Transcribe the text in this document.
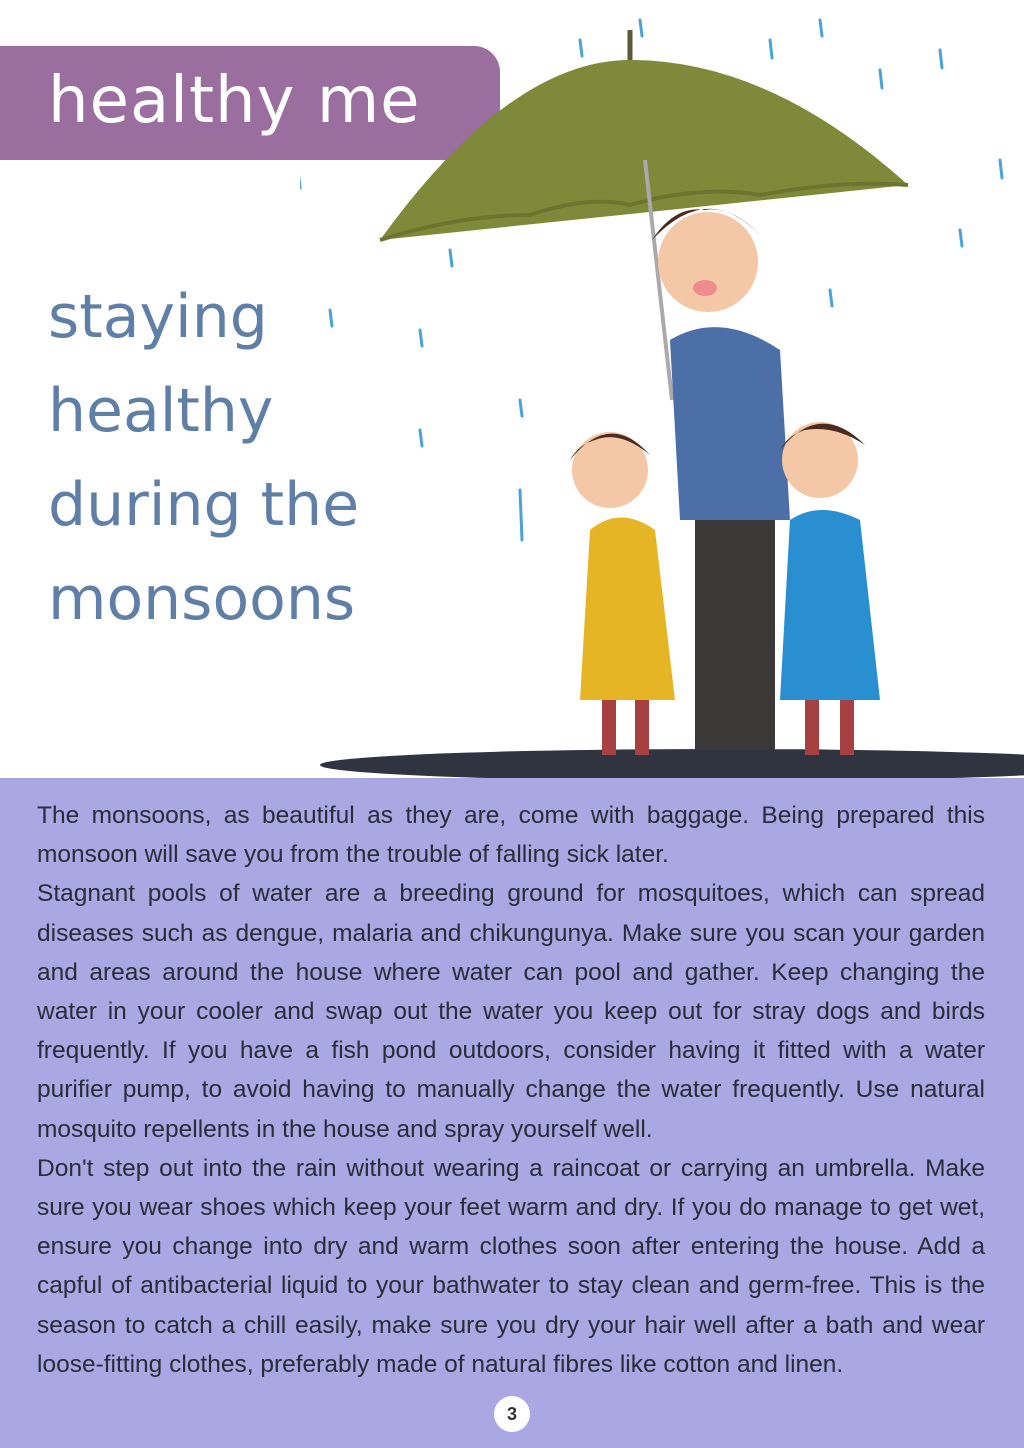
healthy me
staying
healthy
during the
monsoons

The monsoons, as beautiful as they are, come with baggage. Being prepared this monsoon will save you from the trouble of falling sick later.

Stagnant pools of water are a breeding ground for mosquitoes, which can spread diseases such as dengue, malaria and chikungunya. Make sure you scan your garden and areas around the house where water can pool and gather. Keep changing the water in your cooler and swap out the water you keep out for stray dogs and birds frequently. If you have a fish pond outdoors, consider having it fitted with a water purifier pump, to avoid having to manually change the water frequently. Use natural mosquito repellents in the house and spray yourself well.

Don't step out into the rain without wearing a raincoat or carrying an umbrella. Make sure you wear shoes which keep your feet warm and dry. If you do manage to get wet, ensure you change into dry and warm clothes soon after entering the house. Add a capful of antibacterial liquid to your bathwater to stay clean and germ-free. This is the season to catch a chill easily, make sure you dry your hair well after a bath and wear loose-fitting clothes, preferably made of natural fibres like cotton and linen.

3
